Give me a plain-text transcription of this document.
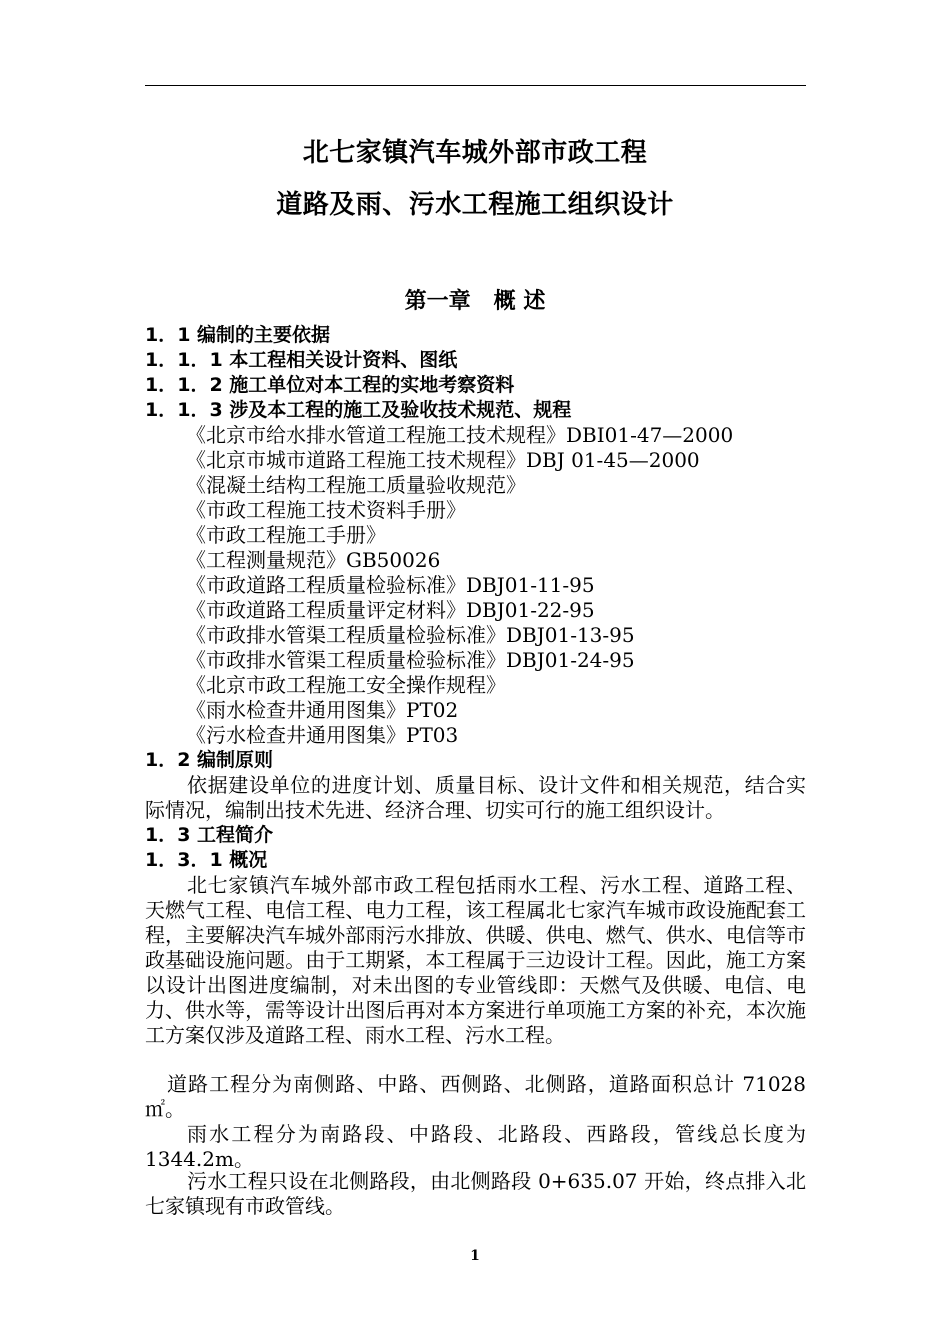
北七家镇汽车城外部市政工程
道路及雨、污水工程施工组织设计
第一章 概 述
1．1 编制的主要依据
1．1．1 本工程相关设计资料、图纸
1．1．2 施工单位对本工程的实地考察资料
1．1．3 涉及本工程的施工及验收技术规范、规程
《北京市给水排水管道工程施工技术规程》DBI01-47—2000
《北京市城市道路工程施工技术规程》DBJ 01-45—2000
《混凝土结构工程施工质量验收规范》
《市政工程施工技术资料手册》
《市政工程施工手册》
《工程测量规范》GB50026
《市政道路工程质量检验标准》DBJ01-11-95
《市政道路工程质量评定材料》DBJ01-22-95
《市政排水管渠工程质量检验标准》DBJ01-13-95
《市政排水管渠工程质量检验标准》DBJ01-24-95
《北京市政工程施工安全操作规程》
《雨水检查井通用图集》PT02
《污水检查井通用图集》PT03
1．2 编制原则
依据建设单位的进度计划、质量目标、设计文件和相关规范，结合实际情况，编制出技术先进、经济合理、切实可行的施工组织设计。
1．3 工程简介
1．3．1 概况
北七家镇汽车城外部市政工程包括雨水工程、污水工程、道路工程、天燃气工程、电信工程、电力工程，该工程属北七家汽车城市政设施配套工程，主要解决汽车城外部雨污水排放、供暖、供电、燃气、供水、电信等市政基础设施问题。由于工期紧，本工程属于三边设计工程。因此，施工方案以设计出图进度编制，对未出图的专业管线即：天燃气及供暖、电信、电力、供水等，需等设计出图后再对本方案进行单项施工方案的补充，本次施工方案仅涉及道路工程、雨水工程、污水工程。
道路工程分为南侧路、中路、西侧路、北侧路，道路面积总计 71028 ㎡。
雨水工程分为南路段、中路段、北路段、西路段，管线总长度为 1344.2m。
污水工程只设在北侧路段，由北侧路段 0+635.07 开始，终点排入北七家镇现有市政管线。
1
